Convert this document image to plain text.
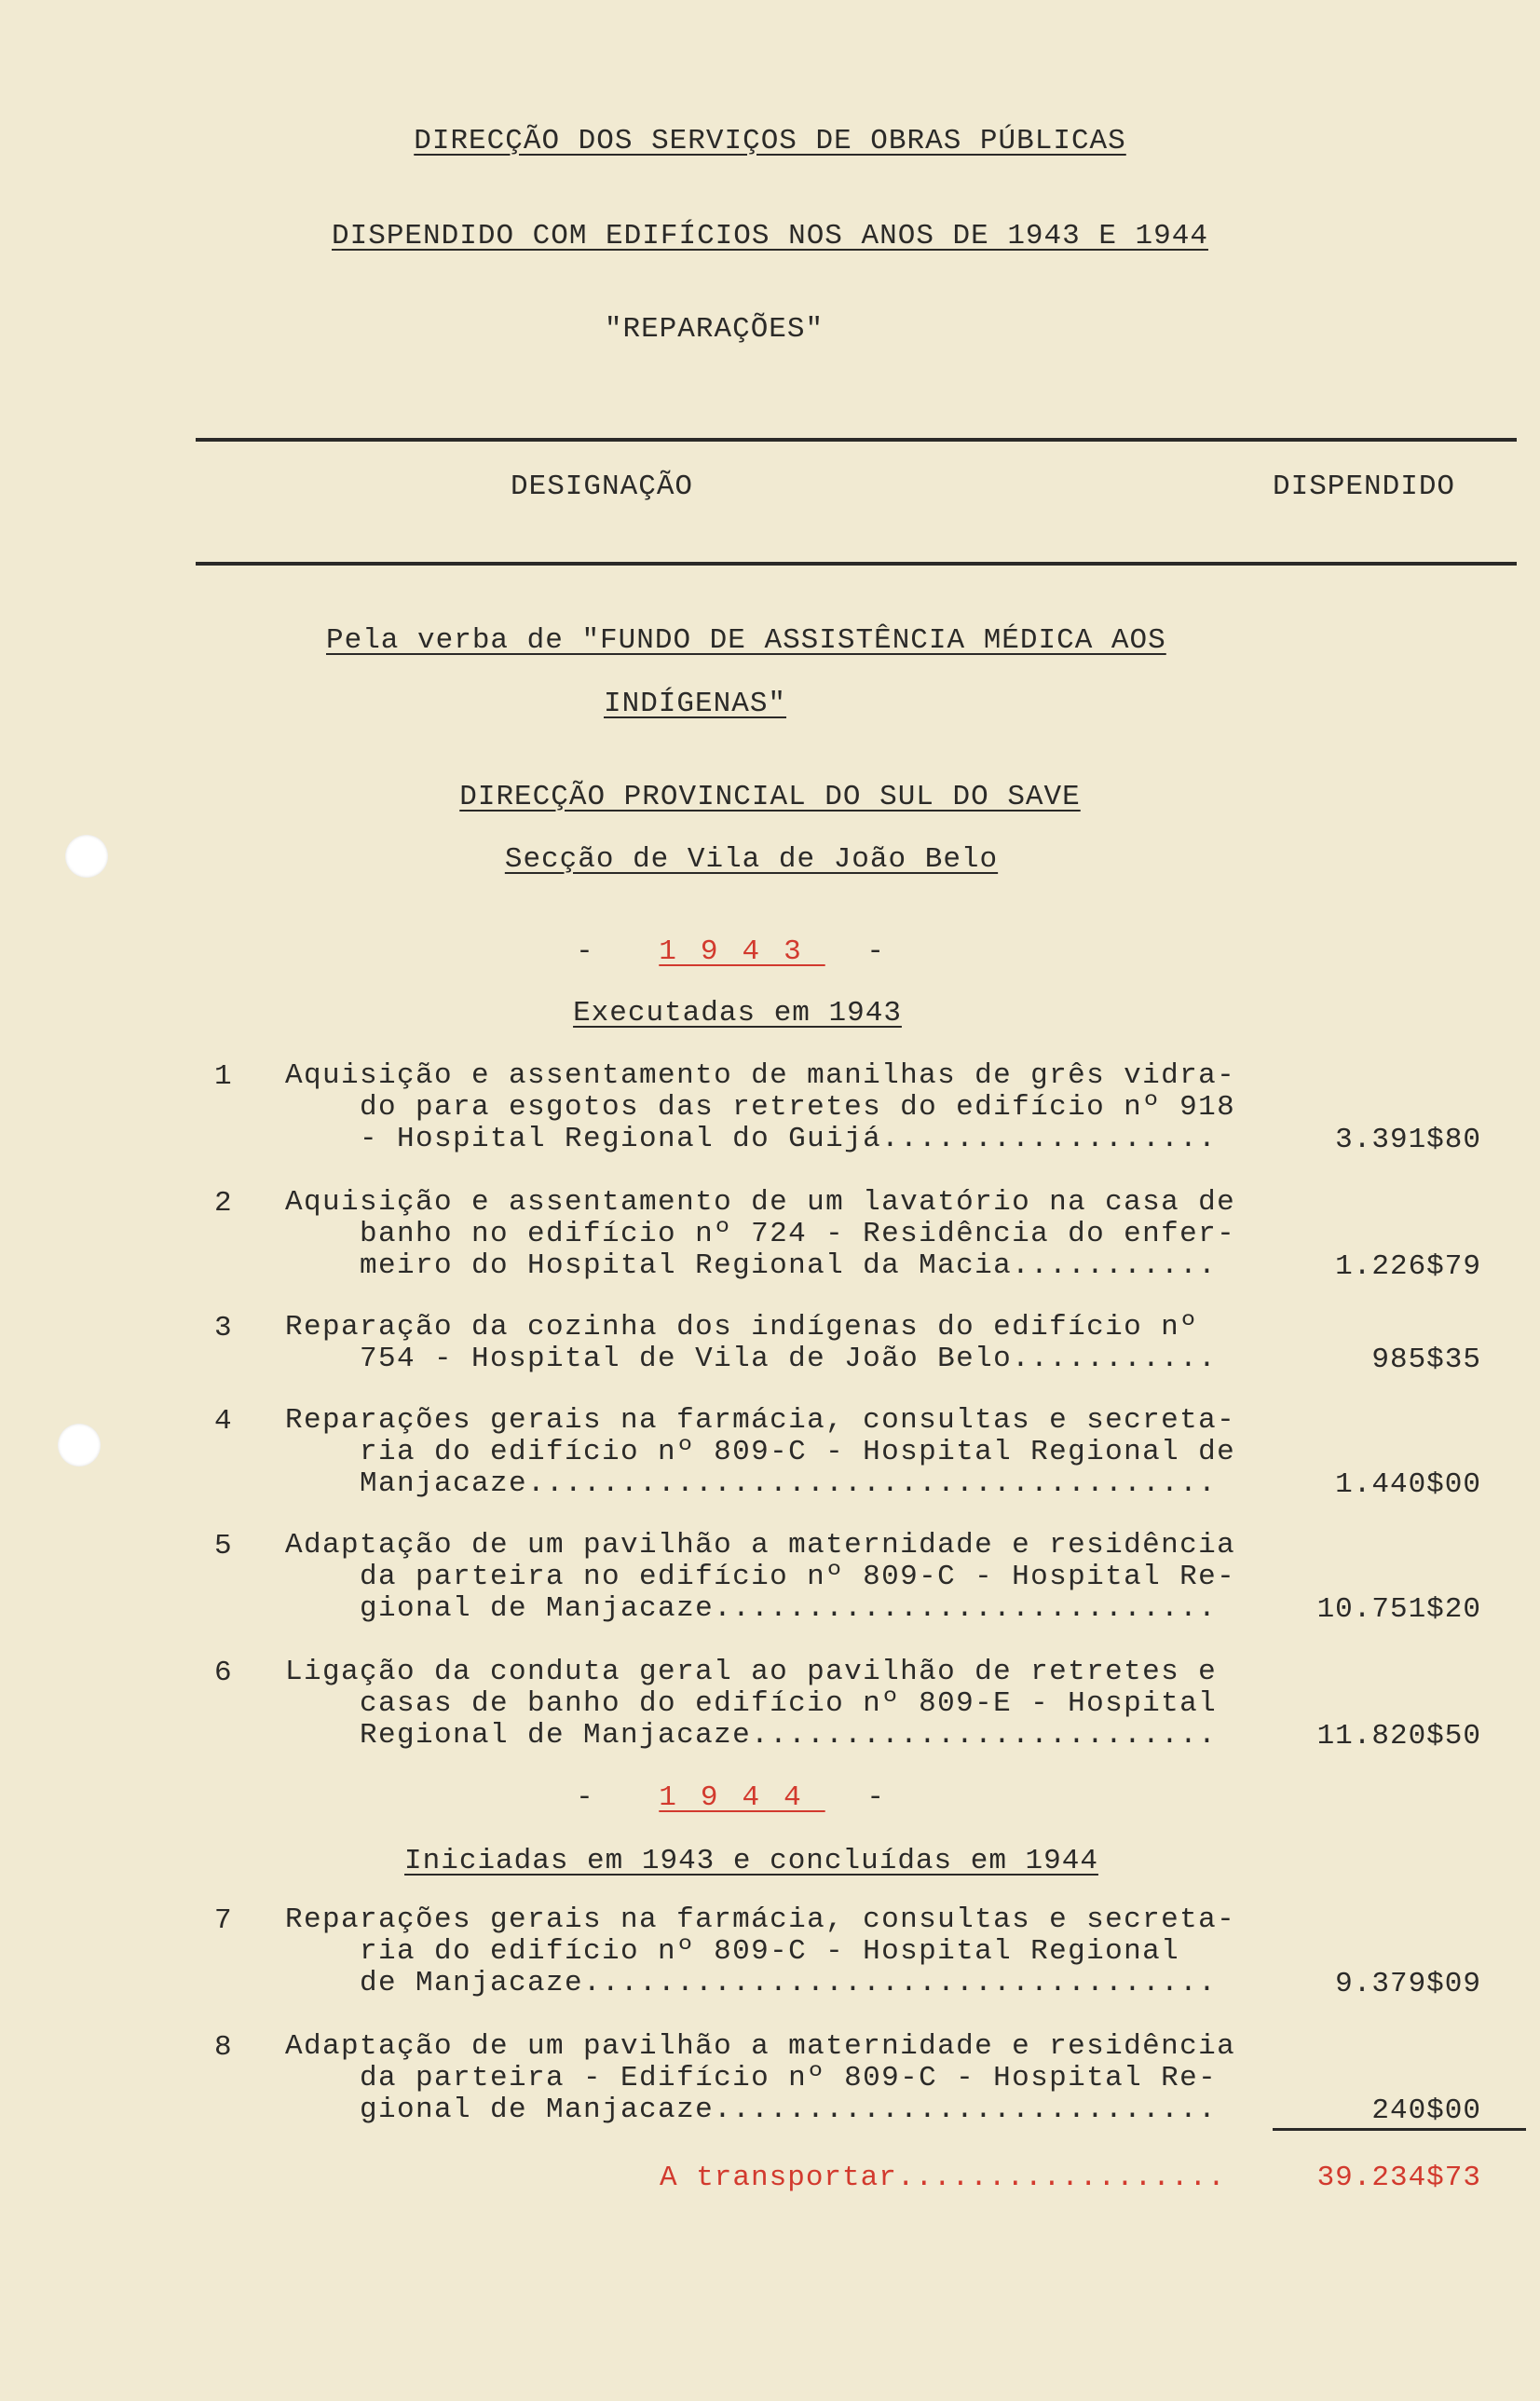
DIRECÇÃO DOS SERVIÇOS DE OBRAS PÚBLICAS
DISPENDIDO COM EDIFÍCIOS NOS ANOS DE 1943 E 1944
"REPARAÇÕES"
DESIGNAÇÃO	DISPENDIDO
Pela verba de "FUNDO DE ASSISTÊNCIA MÉDICA AOS
INDÍGENAS"
DIRECÇÃO PROVINCIAL DO SUL DO SAVE
Secção de Vila de João Belo
- 1943 -
Executadas em 1943
1	Aquisição e assentamento de manilhas de grês vidra-
do para esgotos das retretes do edifício nº 918
- Hospital Regional do Guijá..................	3.391$80
2	Aquisição e assentamento de um lavatório na casa de
banho no edifício nº 724 - Residência do enfer-
meiro do Hospital Regional da Macia...........	1.226$79
3	Reparação da cozinha dos indígenas do edifício nº
754 - Hospital de Vila de João Belo...........	985$35
4	Reparações gerais na farmácia, consultas e secreta-
ria do edifício nº 809-C - Hospital Regional de
Manjacaze.....................................	1.440$00
5	Adaptação de um pavilhão a maternidade e residência
da parteira no edifício nº 809-C - Hospital Re-
gional de Manjacaze...........................	10.751$20
6	Ligação da conduta geral ao pavilhão de retretes e
casas de banho do edifício nº 809-E - Hospital
Regional de Manjacaze.........................	11.820$50
- 1944 -
Iniciadas em 1943 e concluídas em 1944
7	Reparações gerais na farmácia, consultas e secreta-
ria do edifício nº 809-C - Hospital Regional
de Manjacaze..................................	9.379$09
8	Adaptação de um pavilhão a maternidade e residência
da parteira - Edifício nº 809-C - Hospital Re-
gional de Manjacaze...........................	240$00
A transportar..................	39.234$73
